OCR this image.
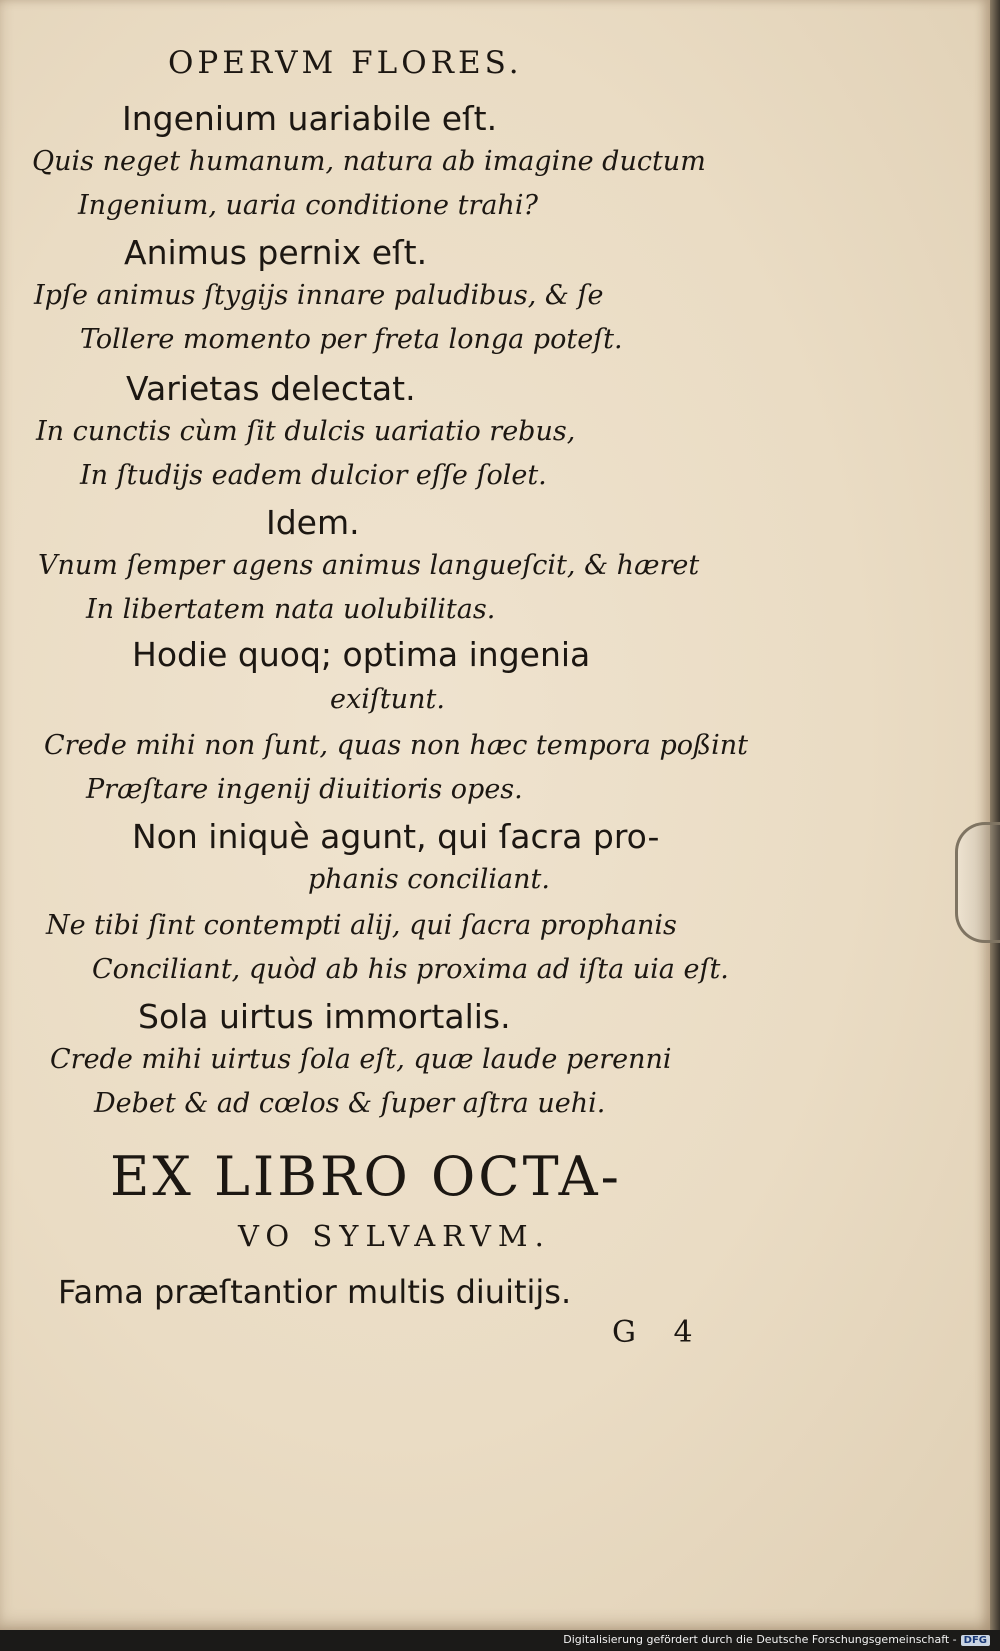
OPERVM FLORES.
Ingenium uariabile eſt.
Quis neget humanum, natura ab imagine ductum
Ingenium, uaria conditione trahi?
Animus pernix eſt.
Ipſe animus ſtygijs innare paludibus, & ſe
Tollere momento per freta longa poteſt.
Varietas delectat.
In cunctis cùm ſit dulcis uariatio rebus,
In ſtudijs eadem dulcior eſſe ſolet.
Idem.
Vnum ſemper agens animus langueſcit, & hæret
In libertatem nata uolubilitas.
Hodie quoq; optima ingenia
exiſtunt.
Crede mihi non ſunt, quas non hæc tempora poßint
Præſtare ingenij diuitioris opes.
Non iniquè agunt, qui ſacra pro-
phanis conciliant.
Ne tibi ſint contempti alij, qui ſacra prophanis
Conciliant, quòd ab his proxima ad iſta uia eſt.
Sola uirtus immortalis.
Crede mihi uirtus ſola eſt, quæ laude perenni
Debet & ad cœlos & ſuper aſtra uehi.
EX LIBRO OCTA-
VO SYLVARVM.
Fama præſtantior multis diuitijs.
G 4
Digitalisierung gefördert durch die Deutsche Forschungsgemeinschaft - DFG
